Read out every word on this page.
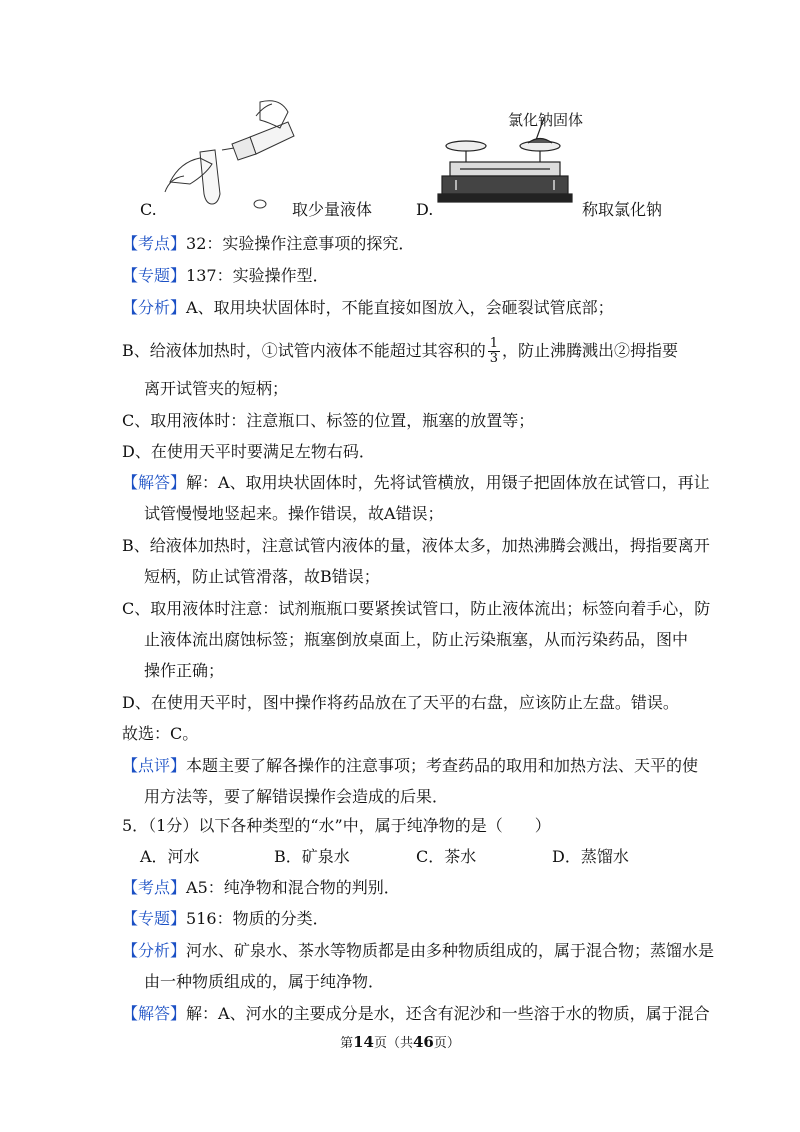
C.	取少量液体
氯化钠固体
D.	称取氯化钠
【考点】32：实验操作注意事项的探究．
【专题】137：实验操作型．
【分析】A、取用块状固体时，不能直接如图放入，会砸裂试管底部；
B、给液体加热时，①试管内液体不能超过其容积的 $\frac{1}{3}$ ，防止沸腾溅出②拇指要
离开试管夹的短柄；
C、取用液体时：注意瓶口、标签的位置，瓶塞的放置等；
D、在使用天平时要满足左物右码．
【解答】解：A、取用块状固体时，先将试管横放，用镊子把固体放在试管口，再让
试管慢慢地竖起来。操作错误，故A错误；
B、给液体加热时，注意试管内液体的量，液体太多，加热沸腾会溅出，拇指要离开
短柄，防止试管滑落，故B错误；
C、取用液体时注意：试剂瓶瓶口要紧挨试管口，防止液体流出；标签向着手心，防
止液体流出腐蚀标签；瓶塞倒放桌面上，防止污染瓶塞，从而污染药品，图中
操作正确；
D、在使用天平时，图中操作将药品放在了天平的右盘，应该防止左盘。错误。
故选：C。
【点评】本题主要了解各操作的注意事项；考查药品的取用和加热方法、天平的使
用方法等，要了解错误操作会造成的后果．
5．（1分）以下各种类型的“水”中，属于纯净物的是（　　）
A．河水	B．矿泉水	C．茶水	D．蒸馏水
【考点】A5：纯净物和混合物的判别．
【专题】516：物质的分类．
【分析】河水、矿泉水、茶水等物质都是由多种物质组成的，属于混合物；蒸馏水是
由一种物质组成的，属于纯净物．
【解答】解：A、河水的主要成分是水，还含有泥沙和一些溶于水的物质，属于混合
第14页（共46页）
